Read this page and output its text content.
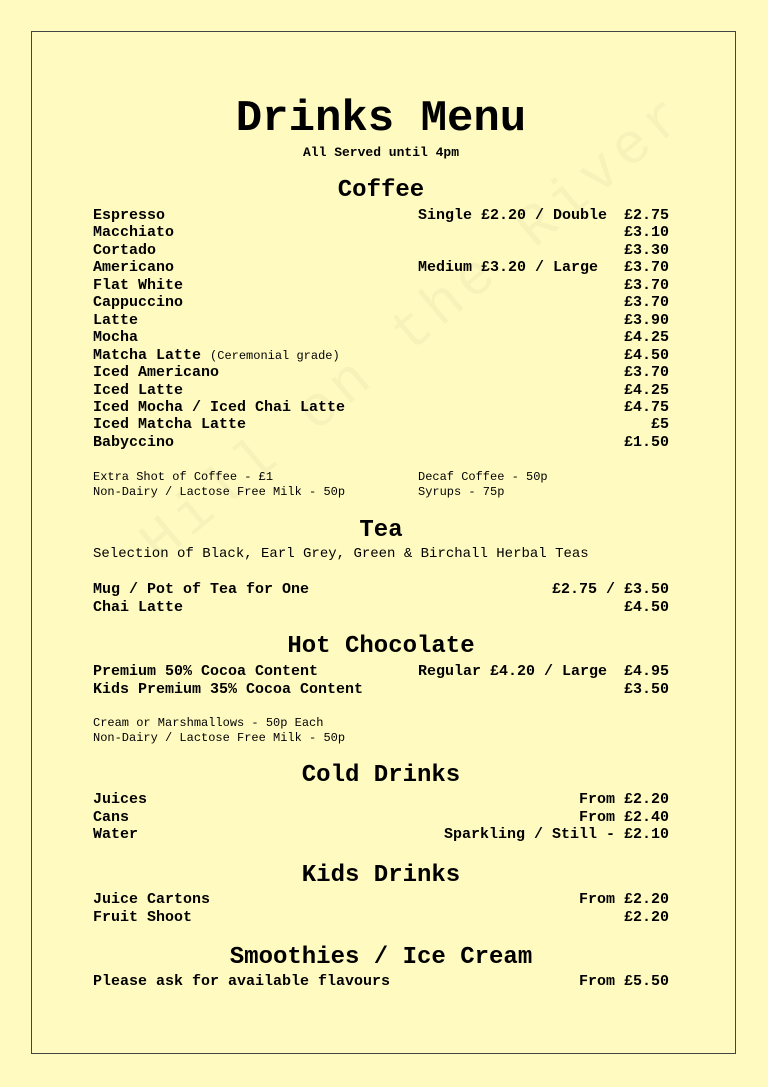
Drinks Menu
All Served until 4pm
Coffee
Espresso	Single £2.20 / Double £2.75
Macchiato	£3.10
Cortado	£3.30
Americano	Medium £3.20 / Large £3.70
Flat White	£3.70
Cappuccino	£3.70
Latte	£3.90
Mocha	£4.25
Matcha Latte (Ceremonial grade)	£4.50
Iced Americano	£3.70
Iced Latte	£4.25
Iced Mocha / Iced Chai Latte	£4.75
Iced Matcha Latte	£5
Babyccino	£1.50
Extra Shot of Coffee - £1
Non-Dairy / Lactose Free Milk - 50p
Decaf Coffee - 50p
Syrups - 75p
Tea
Selection of Black, Earl Grey, Green & Birchall Herbal Teas
Mug / Pot of Tea for One	£2.75 / £3.50
Chai Latte	£4.50
Hot Chocolate
Premium 50% Cocoa Content	Regular £4.20 / Large £4.95
Kids Premium 35% Cocoa Content	£3.50
Cream or Marshmallows - 50p Each
Non-Dairy / Lactose Free Milk - 50p
Cold Drinks
Juices	From £2.20
Cans	From £2.40
Water	Sparkling / Still - £2.10
Kids Drinks
Juice Cartons	From £2.20
Fruit Shoot	£2.20
Smoothies / Ice Cream
Please ask for available flavours	From £5.50
